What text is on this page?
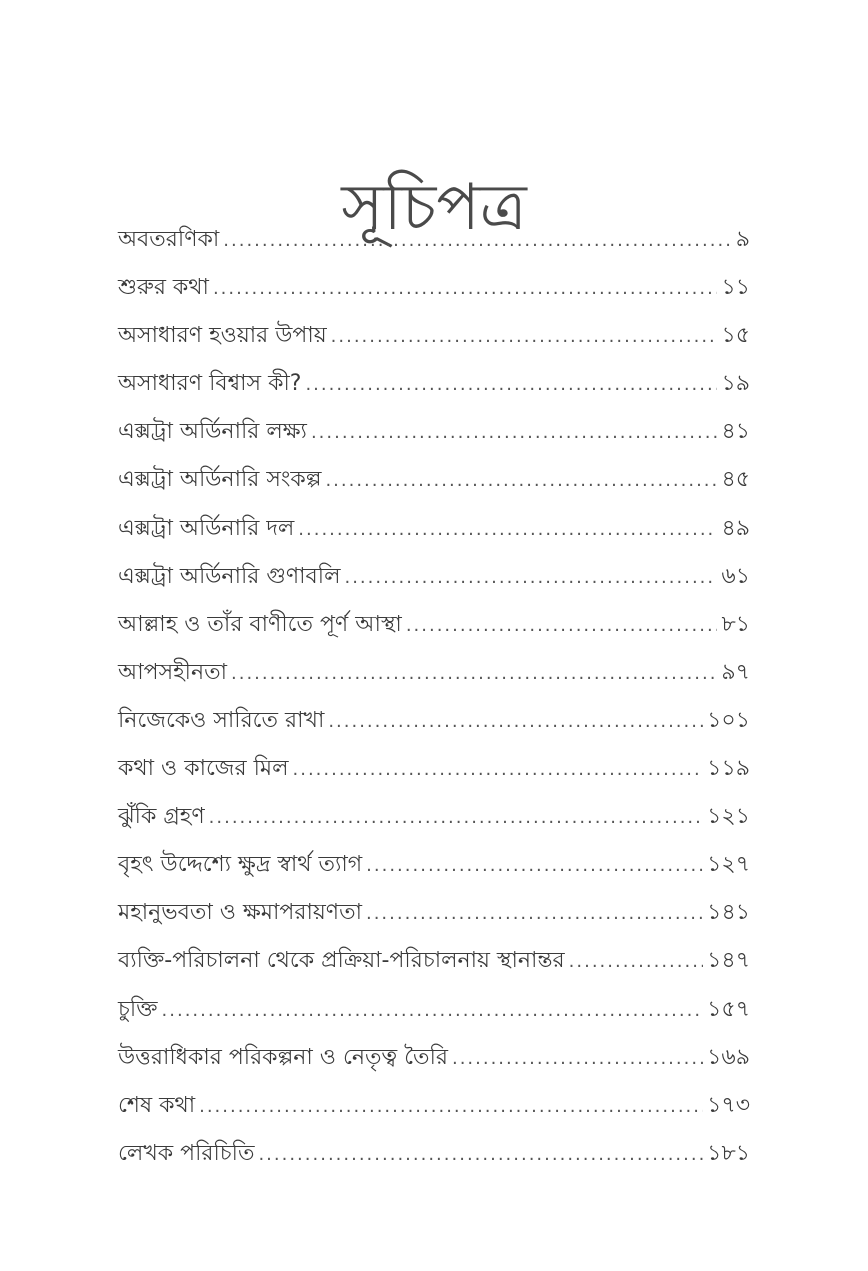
সূচিপত্র
অবতরণিকা .....	৯
শুরুর কথা .....	১১
অসাধারণ হওয়ার উপায় .....	১৫
অসাধারণ বিশ্বাস কী? .....	১৯
এক্সট্রা অর্ডিনারি লক্ষ্য .....	৪১
এক্সট্রা অর্ডিনারি সংকল্প .....	৪৫
এক্সট্রা অর্ডিনারি দল .....	৪৯
এক্সট্রা অর্ডিনারি গুণাবলি .....	৬১
আল্লাহ ও তাঁর বাণীতে পূর্ণ আস্থা .....	৮১
আপসহীনতা .....	৯৭
নিজেকেও সারিতে রাখা .....	১০১
কথা ও কাজের মিল .....	১১৯
ঝুঁকি গ্রহণ .....	১২১
বৃহৎ উদ্দেশ্যে ক্ষুদ্র স্বার্থ ত্যাগ .....	১২৭
মহানুভবতা ও ক্ষমাপরায়ণতা .....	১৪১
ব্যক্তি-পরিচালনা থেকে প্রক্রিয়া-পরিচালনায় স্থানান্তর .....	১৪৭
চুক্তি .....	১৫৭
উত্তরাধিকার পরিকল্পনা ও নেতৃত্ব তৈরি .....	১৬৯
শেষ কথা .....	১৭৩
লেখক পরিচিতি .....	১৮১
